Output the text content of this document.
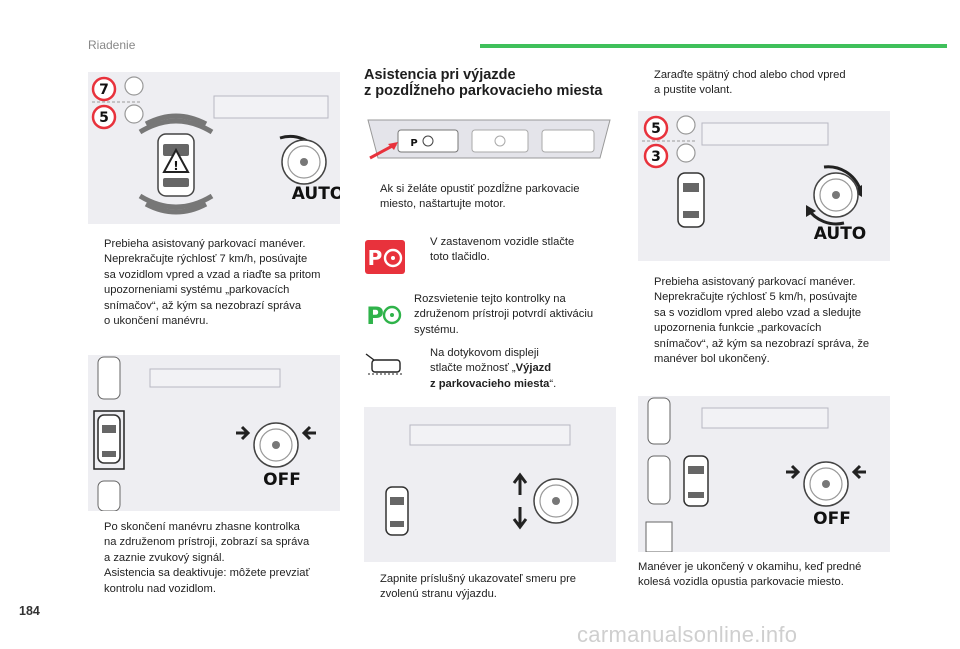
Riadenie
7
5
!
AUTO
Prebieha asistovaný parkovací manéver.
Neprekračujte rýchlosť 7 km/h, posúvajte
sa vozidlom vpred a vzad a riaďte sa pritom
upozorneniami systému „parkovacích
snímačov“, až kým sa nezobrazí správa
o ukončení manévru.
OFF
Po skončení manévru zhasne kontrolka
na združenom prístroji, zobrazí sa správa
a zaznie zvukový signál.
Asistencia sa deaktivuje: môžete prevziať
kontrolu nad vozidlom.
Asistencia pri výjazde
z pozdĺžneho parkovacieho miesta
P
Ak si želáte opustiť pozdĺžne parkovacie
miesto, naštartujte motor.
P
V zastavenom vozidle stlačte
toto tlačidlo.
P
Rozsvietenie tejto kontrolky na
združenom prístroji potvrdí aktiváciu
systému.
Na dotykovom displeji
stlačte možnosť „Výjazd
z parkovacieho miesta“.
Zapnite príslušný ukazovateľ smeru pre
zvolenú stranu výjazdu.
Zaraďte spätný chod alebo chod vpred
a pustite volant.
5
3
AUTO
Prebieha asistovaný parkovací manéver.
Neprekračujte rýchlosť 5 km/h, posúvajte
sa s vozidlom vpred alebo vzad a sledujte
upozornenia funkcie „parkovacích
snímačov“, až kým sa nezobrazí správa, že
manéver bol ukončený.
OFF
Manéver je ukončený v okamihu, keď predné
kolesá vozidla opustia parkovacie miesto.
184
carmanualsonline.info
